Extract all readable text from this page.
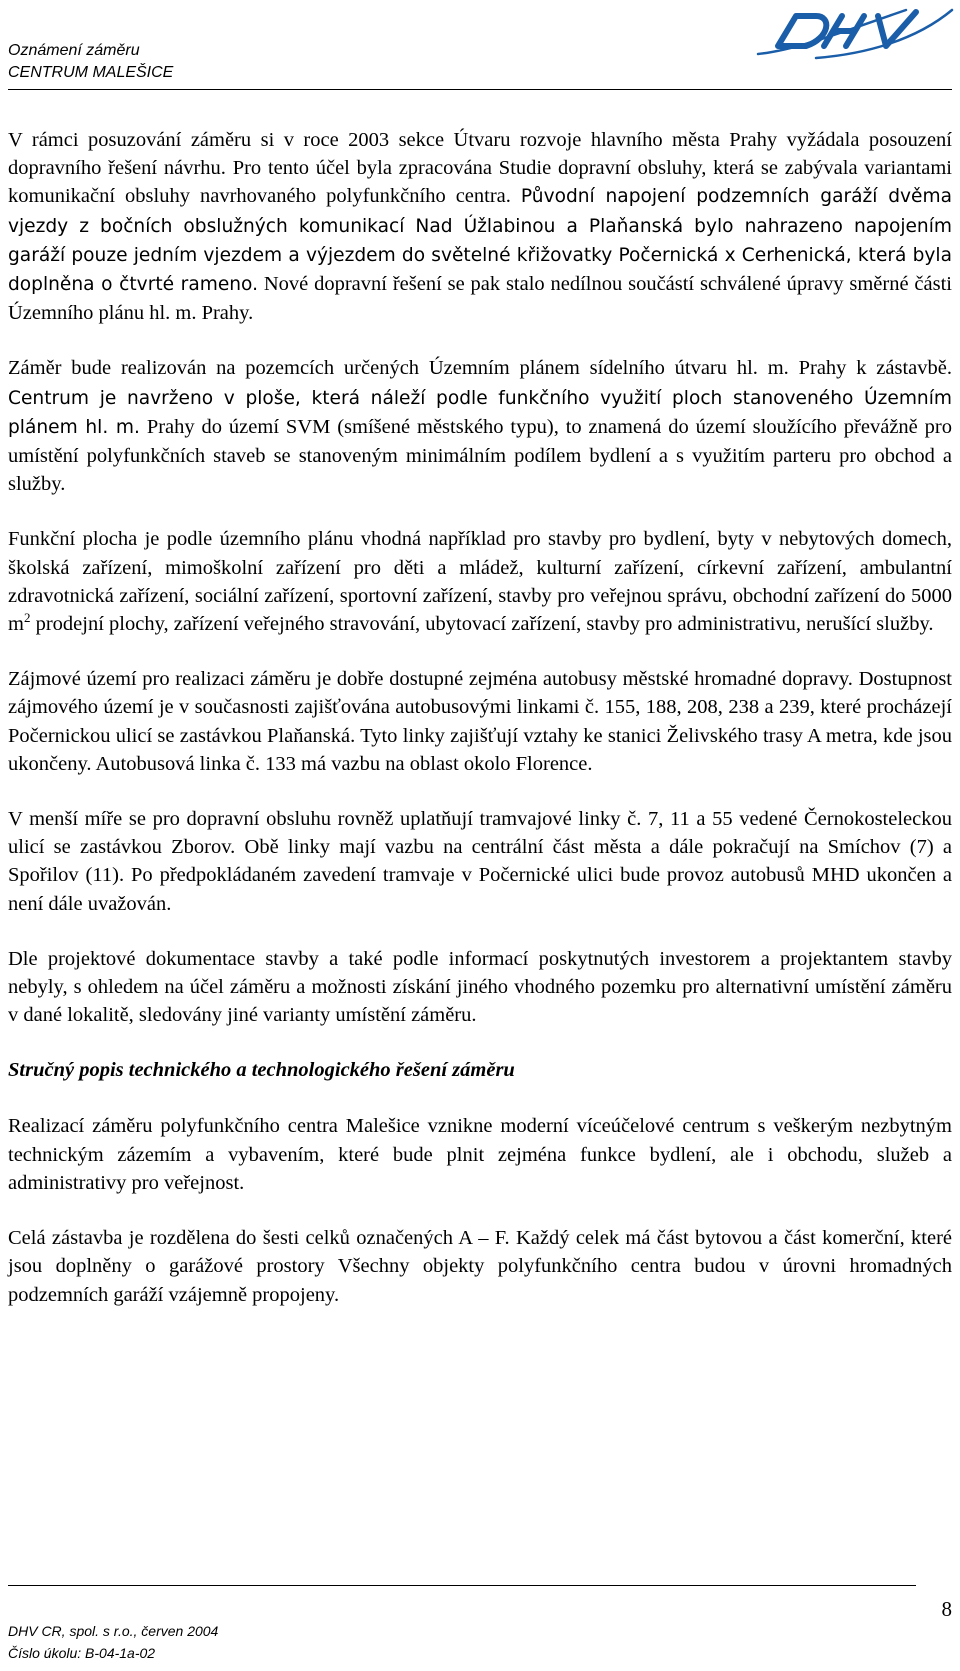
Oznámení záměru
CENTRUM MALEŠICE

V rámci posuzování záměru si v roce 2003 sekce Útvaru rozvoje hlavního města Prahy vyžádala posouzení dopravního řešení návrhu. Pro tento účel byla zpracována Studie dopravní obsluhy, která se zabývala variantami komunikační obsluhy navrhovaného polyfunkčního centra. Původní napojení podzemních garáží dvěma vjezdy z bočních obslužných komunikací Nad Úžlabinou a Plaňanská bylo nahrazeno napojením garáží pouze jedním vjezdem a výjezdem do světelné křižovatky Počernická x Cerhenická, která byla doplněna o čtvrté rameno. Nové dopravní řešení se pak stalo nedílnou součástí schválené úpravy směrné části Územního plánu hl. m. Prahy.

Záměr bude realizován na pozemcích určených Územním plánem sídelního útvaru hl. m. Prahy k zástavbě. Centrum je navrženo v ploše, která náleží podle funkčního využití ploch stanoveného Územním plánem hl. m. Prahy do území SVM (smíšené městského typu), to znamená do území sloužícího převážně pro umístění polyfunkčních staveb se stanoveným minimálním podílem bydlení a s využitím parteru pro obchod a služby.

Funkční plocha je podle územního plánu vhodná například pro stavby pro bydlení, byty v nebytových domech, školská zařízení, mimoškolní zařízení pro děti a mládež, kulturní zařízení, církevní zařízení, ambulantní zdravotnická zařízení, sociální zařízení, sportovní zařízení, stavby pro veřejnou správu, obchodní zařízení do 5000 $m^2$ prodejní plochy, zařízení veřejného stravování, ubytovací zařízení, stavby pro administrativu, nerušící služby.

Zájmové území pro realizaci záměru je dobře dostupné zejména autobusy městské hromadné dopravy. Dostupnost zájmového území je v současnosti zajišťována autobusovými linkami č. 155, 188, 208, 238 a 239, které procházejí Počernickou ulicí se zastávkou Plaňanská. Tyto linky zajišťují vztahy ke stanici Želivského trasy A metra, kde jsou ukončeny. Autobusová linka č. 133 má vazbu na oblast okolo Florence.

V menší míře se pro dopravní obsluhu rovněž uplatňují tramvajové linky č. 7, 11 a 55 vedené Černokosteleckou ulicí se zastávkou Zborov. Obě linky mají vazbu na centrální část města a dále pokračují na Smíchov (7) a Spořilov (11). Po předpokládaném zavedení tramvaje v Počernické ulici bude provoz autobusů MHD ukončen a není dále uvažován.

Dle projektové dokumentace stavby a také podle informací poskytnutých investorem a projektantem stavby nebyly, s ohledem na účel záměru a možnosti získání jiného vhodného pozemku pro alternativní umístění záměru v dané lokalitě, sledovány jiné varianty umístění záměru.

Stručný popis technického a technologického řešení záměru

Realizací záměru polyfunkčního centra Malešice vznikne moderní víceúčelové centrum s veškerým nezbytným technickým zázemím a vybavením, které bude plnit zejména funkce bydlení, ale i obchodu, služeb a administrativy pro veřejnost.

Celá zástavba je rozdělena do šesti celků označených A – F. Každý celek má část bytovou a část komerční, které jsou doplněny o garážové prostory Všechny objekty polyfunkčního centra budou v úrovni hromadných podzemních garáží vzájemně propojeny.

DHV CR, spol. s r.o., červen 2004
Číslo úkolu: B-04-1a-02
8
